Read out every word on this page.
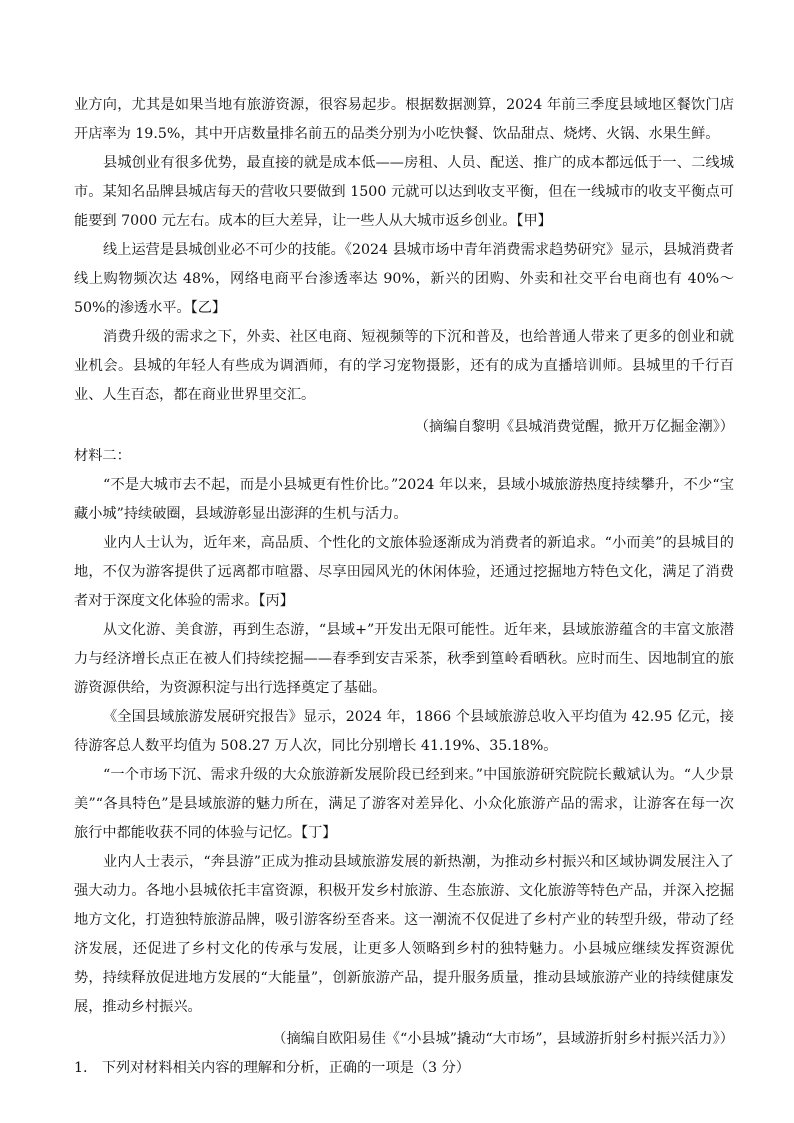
业方向，尤其是如果当地有旅游资源，很容易起步。根据数据测算，2024 年前三季度县域地区餐饮门店开店率为 19.5%，其中开店数量排名前五的品类分别为小吃快餐、饮品甜点、烧烤、火锅、水果生鲜。

县城创业有很多优势，最直接的就是成本低——房租、人员、配送、推广的成本都远低于一、二线城市。某知名品牌县城店每天的营收只要做到 1500 元就可以达到收支平衡，但在一线城市的收支平衡点可能要到 7000 元左右。成本的巨大差异，让一些人从大城市返乡创业。【甲】

线上运营是县城创业必不可少的技能。《2024 县城市场中青年消费需求趋势研究》显示，县城消费者线上购物频次达 48%，网络电商平台渗透率达 90%，新兴的团购、外卖和社交平台电商也有 40%～50%的渗透水平。【乙】

消费升级的需求之下，外卖、社区电商、短视频等的下沉和普及，也给普通人带来了更多的创业和就业机会。县城的年轻人有些成为调酒师，有的学习宠物摄影，还有的成为直播培训师。县城里的千行百业、人生百态，都在商业世界里交汇。

（摘编自黎明《县城消费觉醒，掀开万亿掘金潮》）

材料二：

“不是大城市去不起，而是小县城更有性价比。”2024 年以来，县域小城旅游热度持续攀升，不少“宝藏小城”持续破圈，县域游彰显出澎湃的生机与活力。

业内人士认为，近年来，高品质、个性化的文旅体验逐渐成为消费者的新追求。“小而美”的县城目的地，不仅为游客提供了远离都市喧嚣、尽享田园风光的休闲体验，还通过挖掘地方特色文化，满足了消费者对于深度文化体验的需求。【丙】

从文化游、美食游，再到生态游，“县域+”开发出无限可能性。近年来，县域旅游蕴含的丰富文旅潜力与经济增长点正在被人们持续挖掘——春季到安吉采茶，秋季到篁岭看晒秋。应时而生、因地制宜的旅游资源供给，为资源积淀与出行选择奠定了基础。

《全国县域旅游发展研究报告》显示，2024 年，1866 个县域旅游总收入平均值为 42.95 亿元，接待游客总人数平均值为 508.27 万人次，同比分别增长 41.19%、35.18%。

“一个市场下沉、需求升级的大众旅游新发展阶段已经到来。”中国旅游研究院院长戴斌认为。“人少景美”“各具特色”是县域旅游的魅力所在，满足了游客对差异化、小众化旅游产品的需求，让游客在每一次旅行中都能收获不同的体验与记忆。【丁】

业内人士表示，“奔县游”正成为推动县域旅游发展的新热潮，为推动乡村振兴和区域协调发展注入了强大动力。各地小县城依托丰富资源，积极开发乡村旅游、生态旅游、文化旅游等特色产品，并深入挖掘地方文化，打造独特旅游品牌，吸引游客纷至沓来。这一潮流不仅促进了乡村产业的转型升级，带动了经济发展，还促进了乡村文化的传承与发展，让更多人领略到乡村的独特魅力。小县城应继续发挥资源优势，持续释放促进地方发展的“大能量”，创新旅游产品，提升服务质量，推动县域旅游产业的持续健康发展，推动乡村振兴。

（摘编自欧阳易佳《“小县城”撬动“大市场”，县域游折射乡村振兴活力》）

1.　下列对材料相关内容的理解和分析，正确的一项是（3 分）
